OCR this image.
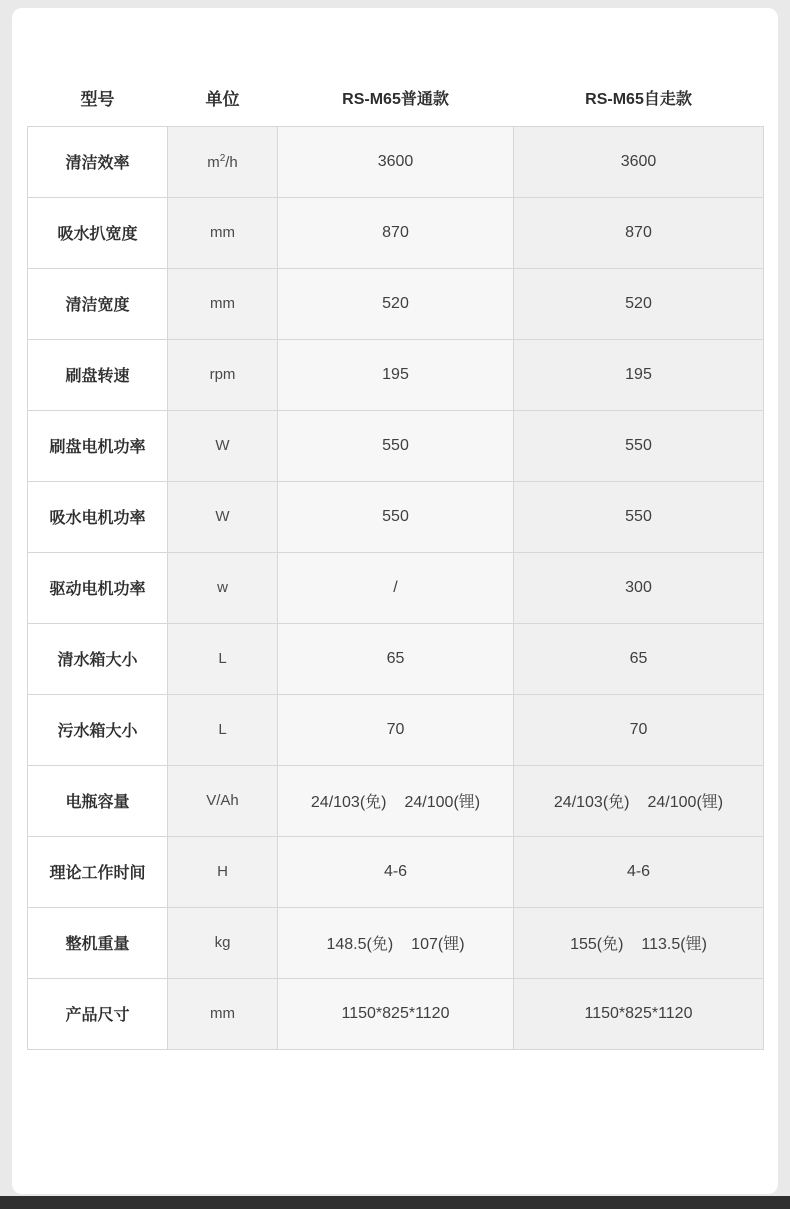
型号	单位	RS-M65普通款	RS-M65自走款
清洁效率	$m^2/h$	3600	3600
吸水扒宽度	mm	870	870
清洁宽度	mm	520	520
刷盘转速	rpm	195	195
刷盘电机功率	W	550	550
吸水电机功率	W	550	550
驱动电机功率	w	/	300
清水箱大小	L	65	65
污水箱大小	L	70	70
电瓶容量	V/Ah	24/103(免) 24/100(锂)	24/103(免) 24/100(锂)
理论工作时间	H	4-6	4-6
整机重量	kg	148.5(免) 107(锂)	155(免) 113.5(锂)
产品尺寸	mm	1150*825*1120	1150*825*1120
